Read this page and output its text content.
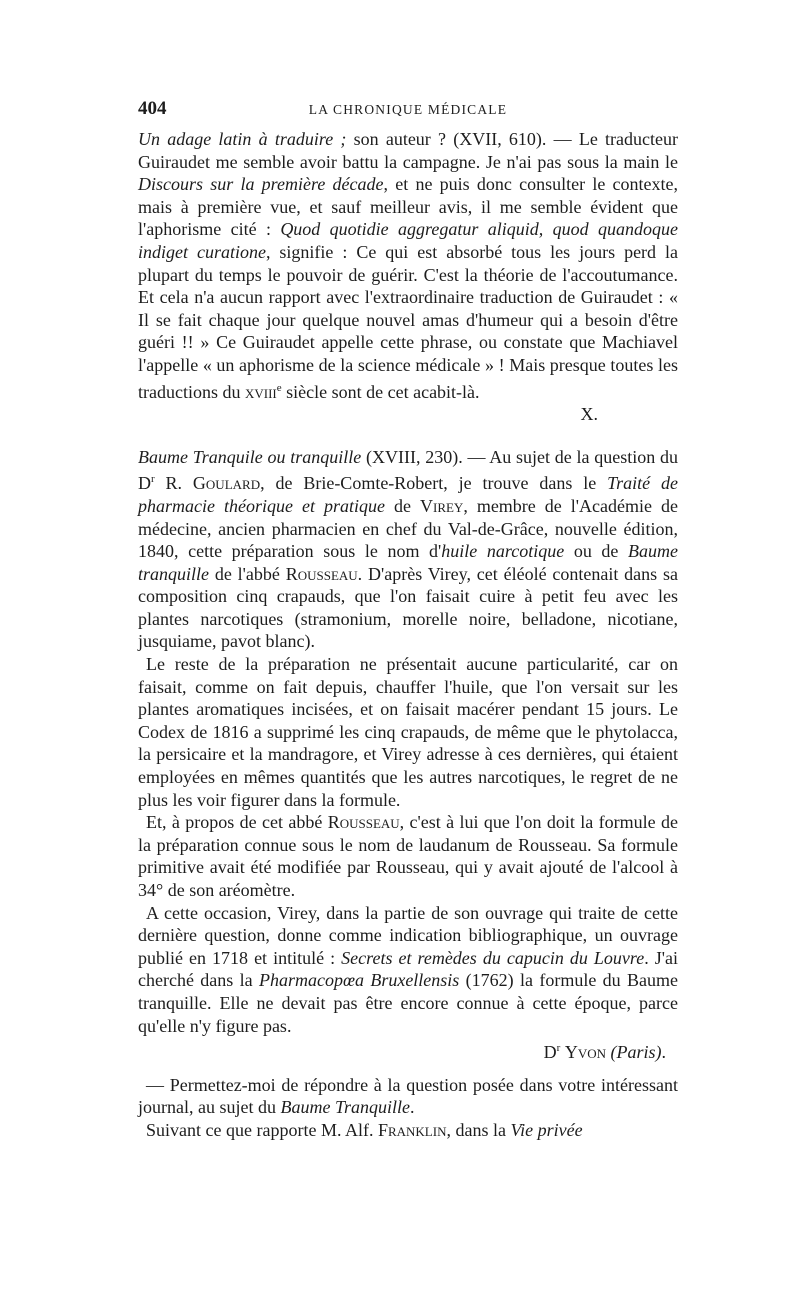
404	LA CHRONIQUE MÉDICALE

Un adage latin à traduire ; son auteur ? (XVII, 610). — Le traducteur Guiraudet me semble avoir battu la campagne. Je n'ai pas sous la main le Discours sur la première décade, et ne puis donc consulter le contexte, mais à première vue, et sauf meilleur avis, il me semble évident que l'aphorisme cité : Quod quotidie aggregatur aliquid, quod quandoque indiget curatione, signifie : Ce qui est absorbé tous les jours perd la plupart du temps le pouvoir de guérir. C'est la théorie de l'accoutumance. Et cela n'a aucun rapport avec l'extraordinaire traduction de Guiraudet : « Il se fait chaque jour quelque nouvel amas d'humeur qui a besoin d'être guéri !! » Ce Guiraudet appelle cette phrase, ou constate que Machiavel l'appelle « un aphorisme de la science médicale » ! Mais presque toutes les traductions du xviii$^e$ siècle sont de cet acabit-là.

X.

Baume Tranquile ou tranquille (XVIII, 230). — Au sujet de la question du $D^r$ R. Goulard, de Brie-Comte-Robert, je trouve dans le Traité de pharmacie théorique et pratique de Virey, membre de l'Académie de médecine, ancien pharmacien en chef du Val-de-Grâce, nouvelle édition, 1840, cette préparation sous le nom d'huile narcotique ou de Baume tranquille de l'abbé Rousseau. D'après Virey, cet éléolé contenait dans sa composition cinq crapauds, que l'on faisait cuire à petit feu avec les plantes narcotiques (stramonium, morelle noire, belladone, nicotiane, jusquiame, pavot blanc).

Le reste de la préparation ne présentait aucune particularité, car on faisait, comme on fait depuis, chauffer l'huile, que l'on versait sur les plantes aromatiques incisées, et on faisait macérer pendant 15 jours. Le Codex de 1816 a supprimé les cinq crapauds, de même que le phytolacca, la persicaire et la mandragore, et Virey adresse à ces dernières, qui étaient employées en mêmes quantités que les autres narcotiques, le regret de ne plus les voir figurer dans la formule.

Et, à propos de cet abbé Rousseau, c'est à lui que l'on doit la formule de la préparation connue sous le nom de laudanum de Rousseau. Sa formule primitive avait été modifiée par Rousseau, qui y avait ajouté de l'alcool à 34° de son aréomètre.

A cette occasion, Virey, dans la partie de son ouvrage qui traite de cette dernière question, donne comme indication bibliographique, un ouvrage publié en 1718 et intitulé : Secrets et remèdes du capucin du Louvre. J'ai cherché dans la Pharmacopœa Bruxellensis (1762) la formule du Baume tranquille. Elle ne devait pas être encore connue à cette époque, parce qu'elle n'y figure pas.

$D^r$ Yvon (Paris).

— Permettez-moi de répondre à la question posée dans votre intéressant journal, au sujet du Baume Tranquille.

Suivant ce que rapporte M. Alf. Franklin, dans la Vie privée
